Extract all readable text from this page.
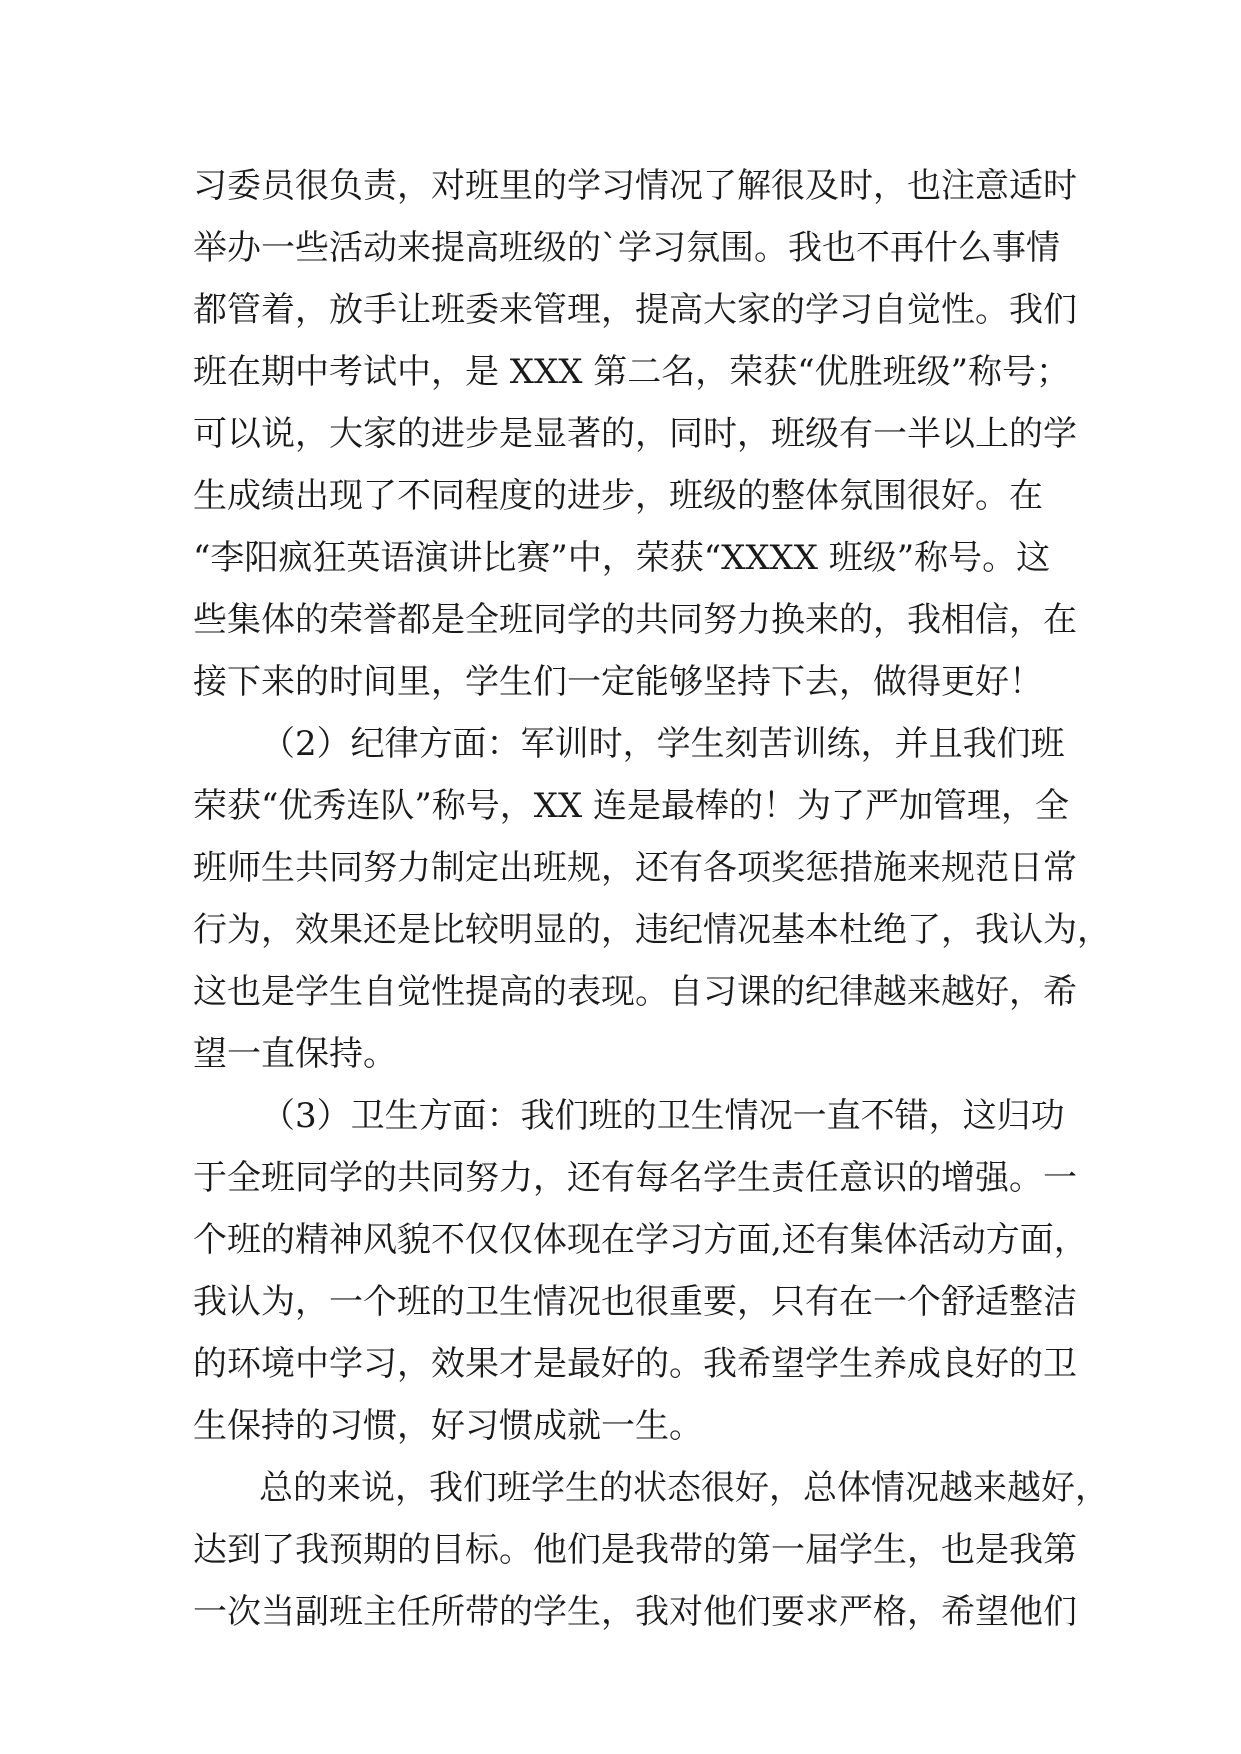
习委员很负责，对班里的学习情况了解很及时，也注意适时
举办一些活动来提高班级的`学习氛围。我也不再什么事情
都管着，放手让班委来管理，提高大家的学习自觉性。我们
班在期中考试中，是 XXX 第二名，荣获“优胜班级”称号；
可以说，大家的进步是显著的，同时，班级有一半以上的学
生成绩出现了不同程度的进步，班级的整体氛围很好。在
“李阳疯狂英语演讲比赛”中，荣获“XXXX 班级”称号。这
些集体的荣誉都是全班同学的共同努力换来的，我相信，在
接下来的时间里，学生们一定能够坚持下去，做得更好！
（2）纪律方面：军训时，学生刻苦训练，并且我们班
荣获“优秀连队”称号，XX 连是最棒的！为了严加管理，全
班师生共同努力制定出班规，还有各项奖惩措施来规范日常
行为，效果还是比较明显的，违纪情况基本杜绝了，我认为，
这也是学生自觉性提高的表现。自习课的纪律越来越好，希
望一直保持。
（3）卫生方面：我们班的卫生情况一直不错，这归功
于全班同学的共同努力，还有每名学生责任意识的增强。一
个班的精神风貌不仅仅体现在学习方面,还有集体活动方面，
我认为，一个班的卫生情况也很重要，只有在一个舒适整洁
的环境中学习，效果才是最好的。我希望学生养成良好的卫
生保持的习惯，好习惯成就一生。
总的来说，我们班学生的状态很好，总体情况越来越好，
达到了我预期的目标。他们是我带的第一届学生，也是我第
一次当副班主任所带的学生，我对他们要求严格，希望他们
